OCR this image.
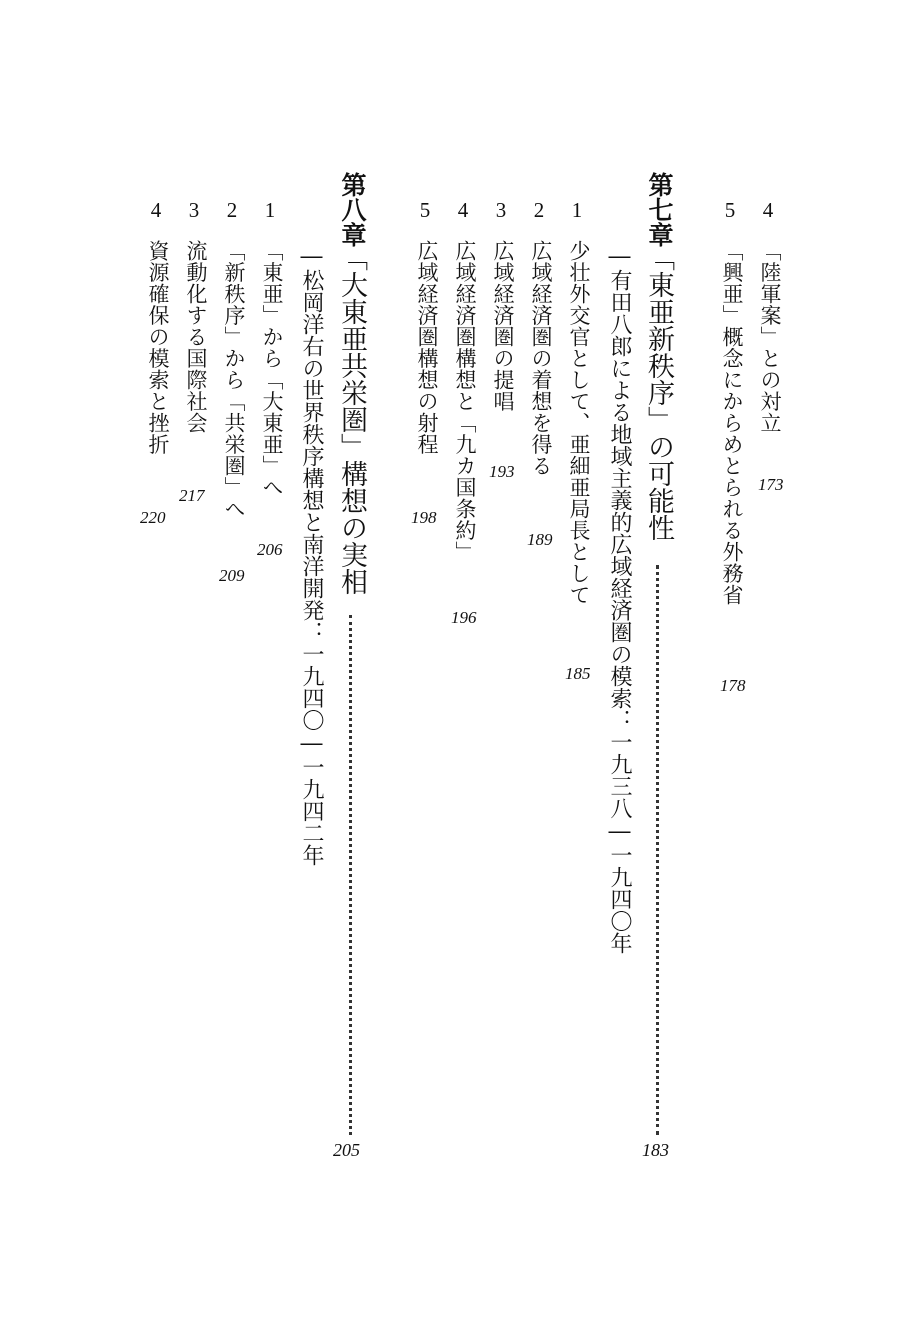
4
「陸軍案」との対立
173
5
「興亜」概念にからめとられる外務省
178
第七章
「東亜新秩序」の可能性
183
―有田八郎による地域主義的広域経済圏の模索：一九三八―一九四〇年
1
少壮外交官として、亜細亜局長として
185
2
広域経済圏の着想を得る
189
3
広域経済圏の提唱
193
4
広域経済圏構想と「九カ国条約」
196
5
広域経済圏構想の射程
198
第八章
「大東亜共栄圏」構想の実相
205
―松岡洋右の世界秩序構想と南洋開発：一九四〇―一九四二年
1
「東亜」から「大東亜」へ
206
2
「新秩序」から「共栄圏」へ
209
3
流動化する国際社会
217
4
資源確保の模索と挫折
220
